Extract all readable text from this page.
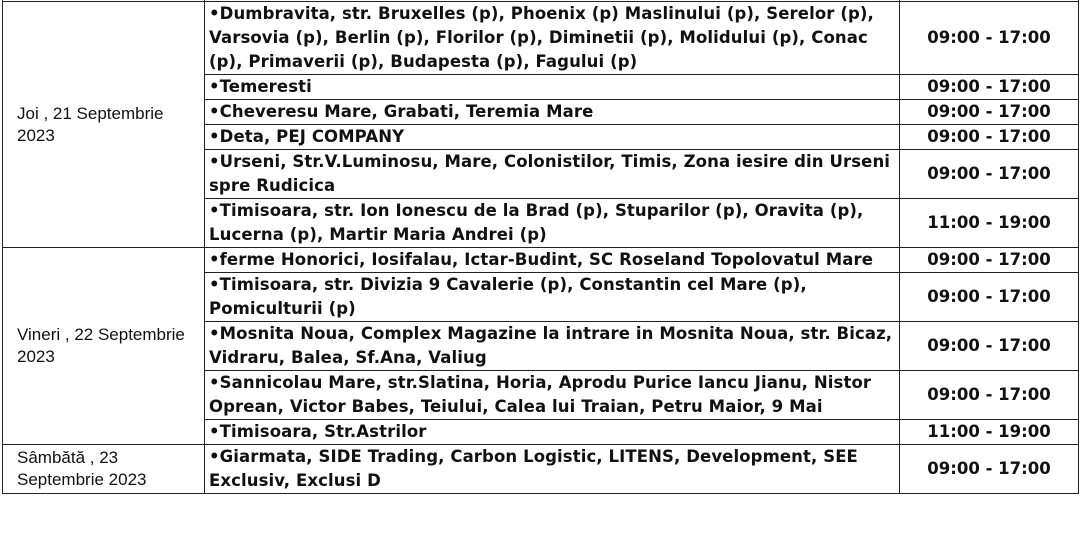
Joi , 21 Septembrie 2023	•Dumbravita, str. Bruxelles (p), Phoenix (p) Maslinului (p), Serelor (p), Varsovia (p), Berlin (p), Florilor (p), Diminetii (p), Molidului (p), Conac (p), Primaverii (p), Budapesta (p), Fagului (p)	09:00 - 17:00
	•Temeresti	09:00 - 17:00
	•Cheveresu Mare, Grabati, Teremia Mare	09:00 - 17:00
	•Deta, PEJ COMPANY	09:00 - 17:00
	•Urseni, Str.V.Luminosu, Mare, Colonistilor, Timis, Zona iesire din Urseni spre Rudicica	09:00 - 17:00
	•Timisoara, str. Ion Ionescu de la Brad (p), Stuparilor (p), Oravita (p), Lucerna (p), Martir Maria Andrei (p)	11:00 - 19:00
Vineri , 22 Septembrie 2023	•ferme Honorici, Iosifalau, Ictar-Budint, SC Roseland Topolovatul Mare	09:00 - 17:00
	•Timisoara, str. Divizia 9 Cavalerie (p), Constantin cel Mare (p), Pomiculturii (p)	09:00 - 17:00
	•Mosnita Noua, Complex Magazine la intrare in Mosnita Noua, str. Bicaz, Vidraru, Balea, Sf.Ana, Valiug	09:00 - 17:00
	•Sannicolau Mare, str.Slatina, Horia, Aprodu Purice Iancu Jianu, Nistor Oprean, Victor Babes, Teiului, Calea lui Traian, Petru Maior, 9 Mai	09:00 - 17:00
	•Timisoara, Str.Astrilor	11:00 - 19:00
Sâmbătă , 23 Septembrie 2023	•Giarmata, SIDE Trading, Carbon Logistic, LITENS, Development, SEE Exclusiv, Exclusi D	09:00 - 17:00
